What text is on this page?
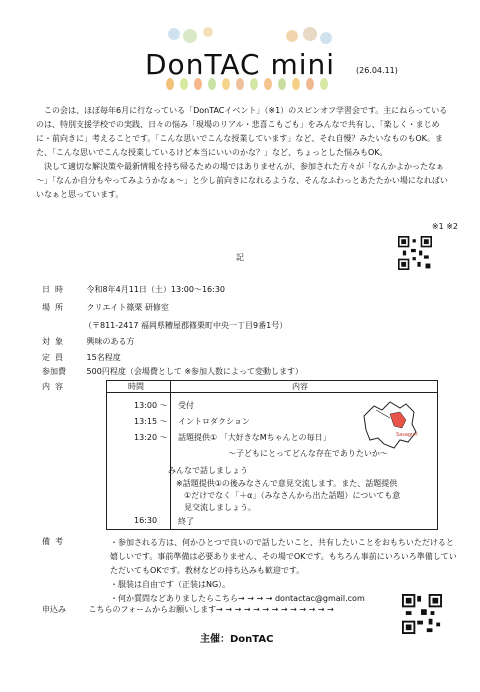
DonTAC mini	(26.04.11)

この会は、ほぼ毎年6月に行なっている「DonTACイベント」（※1）のスピンオフ学習会です。主にねらっているのは、特別支援学校での実践、日々の悩み「現場のリアル・悲喜こもごも」をみんなで共有し、「楽しく・まじめに・前向きに」考えることです。「こんな思いでこんな授業しています」など、それ自慢？みたいなものもOK。また、「こんな思いでこんな授業しているけど本当にいいのかな？」など、ちょっとした悩みもOK。

決して適切な解決策や最新情報を持ち帰るための場ではありませんが、参加された方々が「なんかよかったなぁ～」「なんか自分もやってみようかなぁ～」と少し前向きになれるような、そんなふわっとあたたかい場になればいいなぁと思っています。

※1 ※2
記
日時 令和8年4月11日（土）13:00～16:30
場所 クリエイト篠栗 研修室
（〒811-2417 福岡県糟屋郡篠栗町中央一丁目9番1号）
対象 興味のある方
定員 15名程度
参加費	500円程度（会場費として ※参加人数によって変動します）
内容	時間	内容
13:00 ～ 受付
13:15 ～ イントロダクション
13:20 ～ 話題提供① 「大好きなMちゃんとの毎日」
～子どもにとってどんな存在でありたいか～
みんなで話しましょう
※話題提供①の後みなさんで意見交流します。また、話題提供
①だけでなく「＋α」（みなさんから出た話題）についても意
見交流しましょう。
16:30	終了
Sasaguri
備考	・参加される方は、何かひとつで良いので話したいこと、共有したいことをおもちいただけると嬉しいです。事前準備は必要ありません、その場でOKです。もちろん事前にいろいろ準備していただいてもOKです。教材などの持ち込みも歓迎です。

・服装は自由です（正装はNG）。

・何か質問などありましたらこちら→ → → → dontactac@gmail.com

申込み	こちらのフォームからお願いします→ → → → → → → → → → → → →
主催：DonTAC
